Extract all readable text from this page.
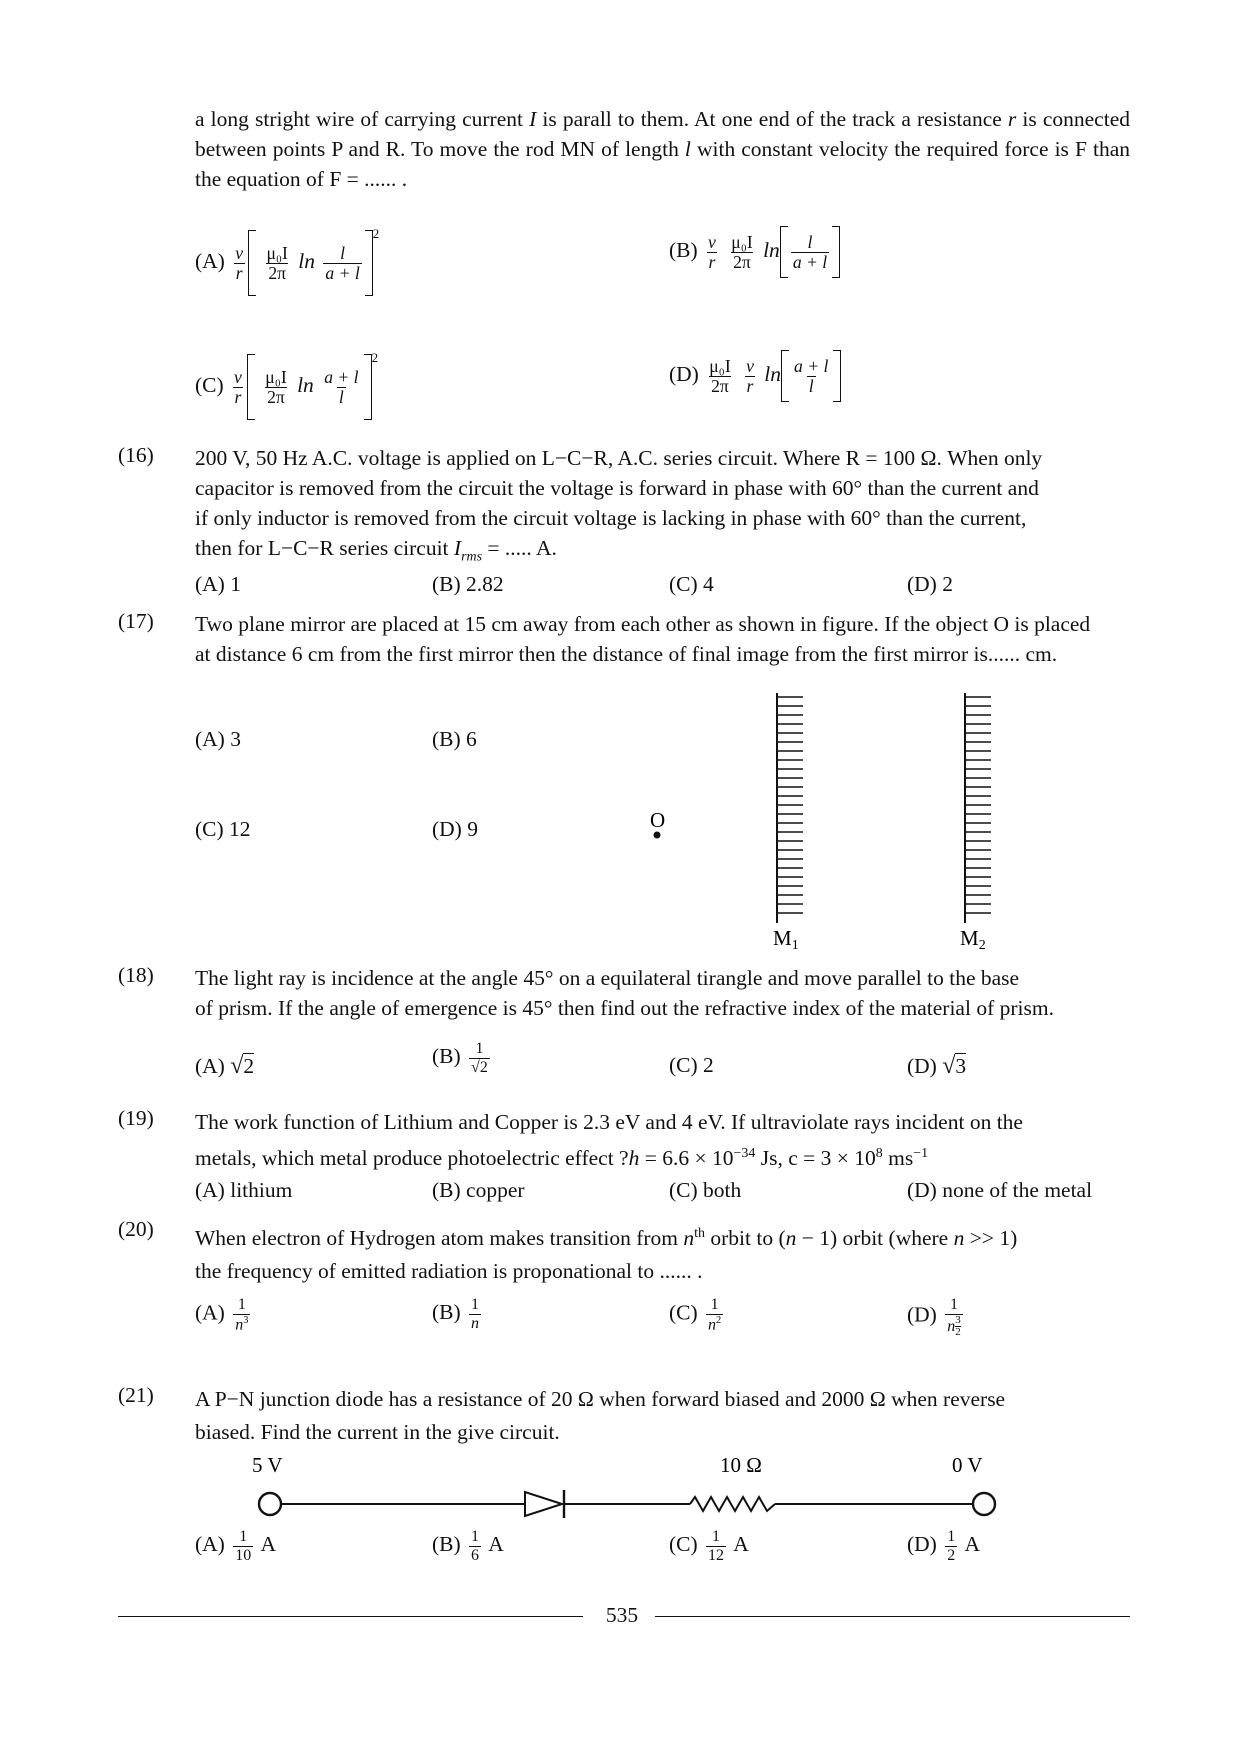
a long stright wire of carrying current I is parall to them. At one end of the track a resistance r is connected between points P and R. To move the rod MN of length l with constant velocity the required force is F than the equation of F = ...... .
$(A) \frac{v}{r}$
$\frac{\text{μ₀I}}{2\pi}$ $\ln \frac{l}{a + l}$
$^2$
$(B) \frac{v}{r}$
$\frac{\text{μ₀I}}{2\pi}$ $\ln \frac{l}{a + l}$
$(C) \frac{v}{r}$
$\frac{\text{μ₀I}}{2\pi}$ $\ln \frac{a + l}{l}$
$^2$
$(D) \frac{\text{μ₀I}}{2\pi}$
$\frac{v}{r}$ $\ln \frac{a + l}{l}$
(16) 200 V, 50 Hz A.C. voltage is applied on L−C−R, A.C. series circuit. Where R = 100 Ω. When only
capacitor is removed from the circuit the voltage is forward in phase with 60° than the current and
if only inductor is removed from the circuit voltage is lacking in phase with 60° than the current,
then for L−C−R series circuit $I_{rms}$ = ..... A.
(A) 1	(B) 2.82	(C) 4	(D) 2
(17) Two plane mirror are placed at 15 cm away from each other as shown in figure. If the object O is placed
at distance 6 cm from the first mirror then the distance of final image from the first mirror is...... cm.
(A) 3	(B) 6
(C) 12	(D) 9	O
M1	M2
(18) The light ray is incidence at the angle 45° on a equilateral tirangle and move parallel to the base
of prism. If the angle of emergence is 45° then find out the refractive index of the material of prism.
(A) √2	$(B) \frac{1}{√2}$	(C) 2	(D) √3
(19) The work function of Lithium and Copper is 2.3 eV and 4 eV. If ultraviolate rays incident on the
metals, which metal produce photoelectric effect ?h = $6.6 \times 10^{-34}$ Js, $c = 3 \times 10^8$ $ms^{-1}$
(A) lithium	(B) copper	(C) both	(D) none of the metal
(20) When electron of Hydrogen atom makes transition from $n^{th}$ orbit to (n − 1) orbit (where n >> 1)
the frequency of emitted radiation is proponational to ...... .
$(A) \frac{1}{n^3}$	$(B) \frac{1}{n}$	$(C) \frac{1}{n^2}$	$(D) \frac{1}{n \frac{3}{2}}$
(21) A P−N junction diode has a resistance of 20 Ω when forward biased and 2000 Ω when reverse
biased. Find the current in the give circuit.
5 V	10 Ω	0 V
$(A) \frac{1}{10}$ A	$(B) \frac{1}{6}$ A	$(C) \frac{1}{12}$ A	$(D) \frac{1}{2}$ A
535
